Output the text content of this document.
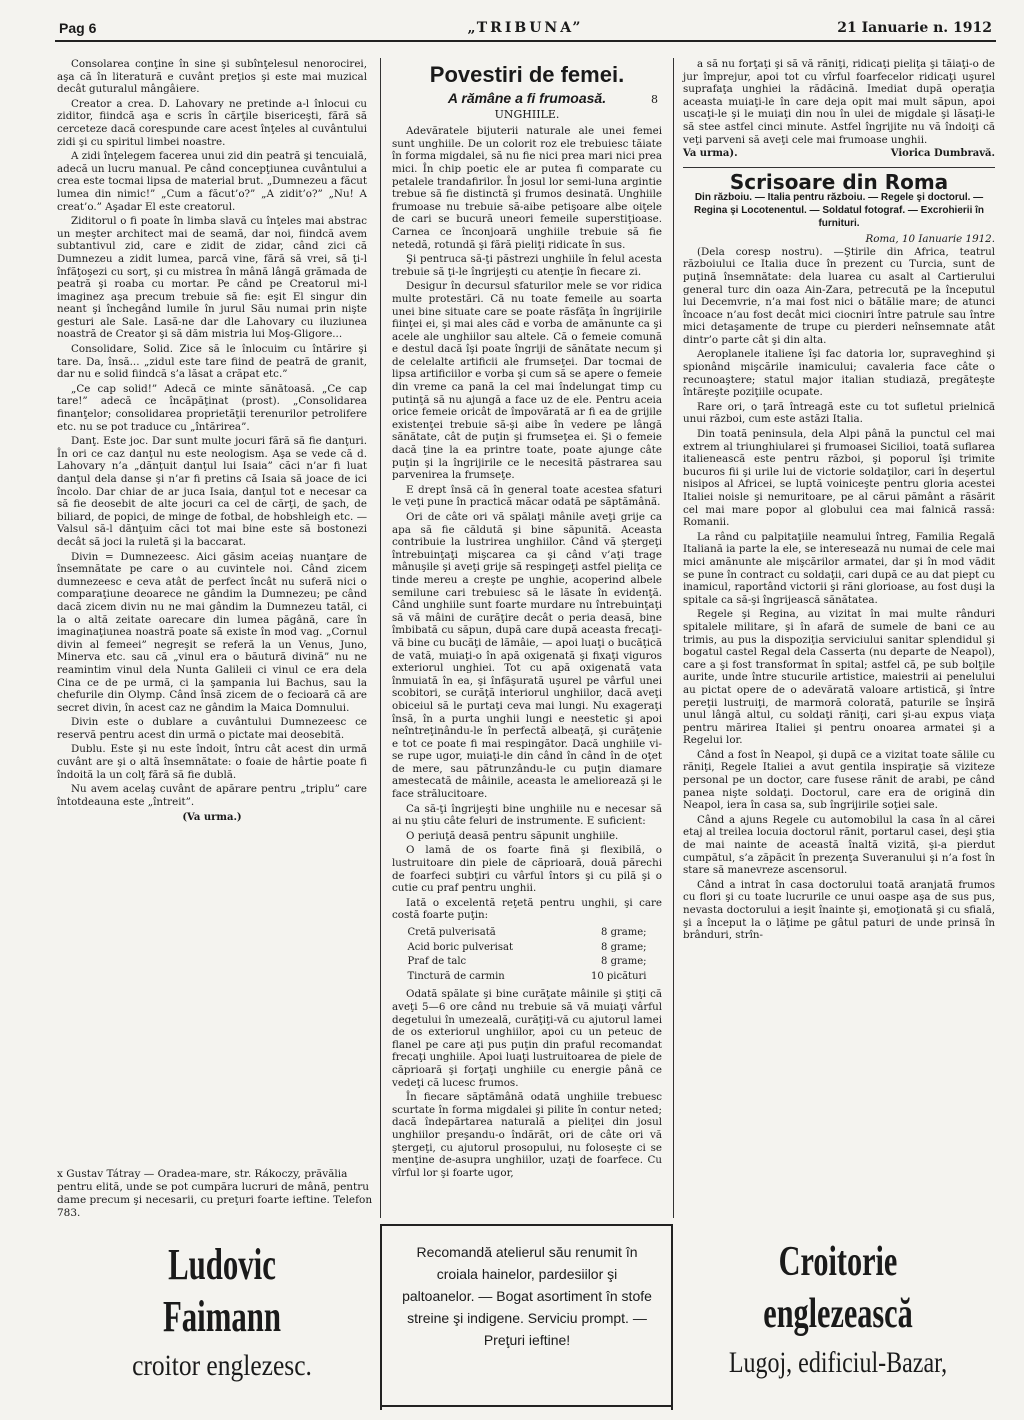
Pag 6	„TRIBUNA”	21 Ianuarie n. 1912

Consolarea conţine în sine şi subînţelesul nenorocirei, aşa că în literatură e cuvânt preţios şi este mai muzical decât guturalul mângâiere.

Creator a crea. D. Lahovary ne pretinde a-l înlocui cu ziditor, fiindcă aşa e scris în cărţile bisericeşti, fără să cerceteze dacă corespunde care acest înţeles al cuvântului zidi şi cu spiritul limbei noastre.

A zidi înţelegem facerea unui zid din peatră şi tencuială, adecă un lucru manual. Pe când concepţiunea cuvântului a crea este tocmai lipsa de material brut. „Dumnezeu a făcut lumea din nimic!” „Cum a făcut’o?” „A zidit’o?” „Nu! A creat’o.” Aşadar El este creatorul.

Ziditorul o fi poate în limba slavă cu înţeles mai abstrac un meşter architect mai de seamă, dar noi, fiindcă avem subtantivul zid, care e zidit de zidar, când zici că Dumnezeu a zidit lumea, parcă vine, fără să vrei, să ţi-l înfăţoşezi cu sorţ, şi cu mistrea în mână lângă grămada de peatră şi roaba cu mortar. Pe când pe Creatorul mi-l imaginez aşa precum trebuie să fie: eşit El singur din neant şi închegând lumile în jurul Său numai prin nişte gesturi ale Sale. Lasă-ne dar dle Lahovary cu iluziunea noastră de Creator şi să dăm mistria lui Moş-Gligore...

Consolidare, Solid. Zice să le înlocuim cu întărire şi tare. Da, însă... „zidul este tare fiind de peatră de granit, dar nu e solid fiindcă s’a lăsat a crăpat etc.”

„Ce cap solid!” Adecă ce minte sănătoasă. „Ce cap tare!” adecă ce încăpăţinat (prost). „Consolidarea finanţelor; consolidarea proprietăţii terenurilor petrolifere etc. nu se pot traduce cu „întărirea”.

Danţ. Este joc. Dar sunt multe jocuri fără să fie danţuri. În ori ce caz danţul nu este neologism. Aşa se vede că d. Lahovary n’a „dănţuit danţul lui Isaia” căci n’ar fi luat danţul dela danse şi n’ar fi pretins că Isaia să joace de ici încolo. Dar chiar de ar juca Isaia, danţul tot e necesar ca să fie deosebit de alte jocuri ca cel de cărţi, de şach, de biliard, de popici, de minge de fotbal, de hobshleigh etc. — Valsul să-l dănţuim căci tot mai bine este să bostonezi decât să joci la ruletă şi la baccarat.

Divin = Dumnezeesc. Aici găsim aceiaş nuanţare de însemnătate pe care o au cuvintele noi. Când zicem dumnezeesc e ceva atât de perfect încât nu suferă nici o comparaţiune deoarece ne gândim la Dumnezeu; pe când dacă zicem divin nu ne mai gândim la Dumnezeu tatăl, ci la o altă zeitate oarecare din lumea păgână, care în imaginaţiunea noastră poate să existe în mod vag. „Cornul divin al femeei” negreşit se referă la un Venus, Juno, Minerva etc. sau că „vinul era o băutură divină” nu ne reamintim vinul dela Nunta Galileii ci vinul ce era dela Cina ce de pe urmă, ci la şampania lui Bachus, sau la chefurile din Olymp. Când însă zicem de o fecioară că are secret divin, în acest caz ne gândim la Maica Domnului.

Divin este o dublare a cuvântului Dumnezeesc ce reservă pentru acest din urmă o pictate mai deosebită.

Dublu. Este şi nu este îndoit, întru cât acest din urmă cuvânt are şi o altă însemnătate: o foaie de hârtie poate fi îndoită la un colţ fără să fie dublă.

Nu avem acelaş cuvânt de apărare pentru „triplu” care întotdeauna este „întreit”.

(Va urma.)
Povestiri de femei.
A rămâne a fi frumoasă.	8
UNGHIILE.

Adevăratele bijuterii naturale ale unei femei sunt unghiile. De un colorit roz ele trebuiesc tăiate în forma migdalei, să nu fie nici prea mari nici prea mici. În chip poetic ele ar putea fi comparate cu petalele trandafirilor. În josul lor semi-luna argintie trebue să fie distinctă şi frumos desinată. Unghiile frumoase nu trebuie să-aibe petişoare albe oiţele de cari se bucură uneori femeile superstiţioase. Carnea ce înconjoară unghiile trebuie să fie netedă, rotundă şi fără pieliţi ridicate în sus.

Şi pentruca să-ţi păstrezi unghiile în felul acesta trebuie să ţi-le îngrijeşti cu atenţie în fiecare zi.

Desigur în decursul sfaturilor mele se vor ridica multe protestări. Că nu toate femeile au soarta unei bine situate care se poate răsfăţa în îngrijirile fiinţei ei, şi mai ales căd e vorba de amănunte ca şi acele ale unghiilor sau altele. Că o femeie comună e destul dacă îşi poate îngriji de sănătate necum şi de celelalte artificii ale frumseţei. Dar tocmai de lipsa artificiilor e vorba şi cum să se apere o femeie din vreme ca pană la cel mai îndelungat timp cu putinţă să nu ajungă a face uz de ele. Pentru aceia orice femeie oricât de împovărată ar fi ea de grijile existenţei trebuie să-şi aibe în vedere pe lângă sănătate, cât de puţin şi frumseţea ei. Şi o femeie dacă ţine la ea printre toate, poate ajunge câte puţin şi la îngrijirile ce le necesită păstrarea sau parvenirea la frumseţe.

E drept însă că în general toate acestea sfaturi le veţi pune în practică măcar odată pe săptămână.

Ori de câte ori vă spălaţi mânile aveţi grije ca apa să fie căldută şi bine săpunită. Aceasta contribuie la lustrirea unghiilor. Când vă ştergeţi întrebuinţaţi mişcarea ca şi când v’aţi trage mânuşile şi aveţi grije să respingeţi astfel pieliţa ce tinde mereu a creşte pe unghie, acoperind albele semilune cari trebuiesc să le lăsate în evidenţă. Când unghiile sunt foarte murdare nu întrebuinţaţi să vă mâini de curăţire decât o peria deasă, bine îmbibată cu săpun, după care după aceasta frecaţi-vă bine cu bucăţi de lămâie, — apoi luaţi o bucăţică de vată, muiaţi-o în apă oxigenată şi fixaţi viguros exteriorul unghiei. Tot cu apă oxigenată vata înmuiată în ea, şi înfăşurată uşurel pe vârful unei scobitori, se curăţă interiorul unghiilor, dacă aveţi obiceiul să le purtaţi ceva mai lungi. Nu exageraţi însă, în a purta unghii lungi e neestetic şi apoi neîntreţinându-le în perfectă albeaţă, şi curăţenie e tot ce poate fi mai respingător. Dacă unghiile vi-se rupe ugor, muiaţi-le din când în când în de oţet de mere, sau pătrunzându-le cu puţin diamare amestecată de mâinile, aceasta le ameliorează şi le face strălucitoare.

Ca să-ţi îngrijeşti bine unghiile nu e necesar să ai nu ştiu câte feluri de instrumente. E suficient:

O periuţă deasă pentru săpunit unghiile.

O lamă de os foarte fină şi flexibilă, o lustruitoare din piele de căprioară, două părechi de foarfeci subţiri cu vârful întors şi cu pilă şi o cutie cu praf pentru unghii.

Iată o excelentă reţetă pentru unghii, şi care costă foarte puţin:

Cretă pulverisată	8 grame;
Acid boric pulverisat	8 grame;
Praf de talc	8 grame;
Tinctură de carmin	10 picături

Odată spălate şi bine curăţate mâinile şi ştiţi că aveţi 5—6 ore când nu trebuie să vă muiaţi vârful degetului în umezeală, curăţiţi-vă cu ajutorul lamei de os exteriorul unghiilor, apoi cu un peteuc de flanel pe care aţi pus puţin din praful recomandat frecaţi unghiile. Apoi luaţi lustruitoarea de piele de căprioară şi forţaţi unghiile cu energie până ce vedeţi că lucesc frumos.

În fiecare săptămână odată unghiile trebuesc scurtate în forma migdalei şi pilite în contur neted; dacă îndepărtarea naturală a pieliţei din josul unghiilor preşandu-o îndărăt, ori de câte ori vă ştergeţi, cu ajutorul prosopului, nu folosește ci se menţine de-asupra unghiilor, uzaţi de foarfece. Cu vîrful lor şi foarte ugor,

a să nu forţaţi şi să vă răniţi, ridicaţi pieliţa şi tăiaţi-o de jur împrejur, apoi tot cu vîrful foarfecelor ridicaţi uşurel suprafaţa unghiei la rădăcină. Imediat după operaţia aceasta muiaţi-le în care deja opit mai mult săpun, apoi uscaţi-le şi le muiaţi din nou în ulei de migdale şi lăsaţi-le să stee astfel cinci minute. Astfel îngrijite nu vă îndoiţi că veţi parveni să aveţi cele mai frumoase unghii.

Va urma).	Viorica Dumbravă.
Scrisoare din Roma
Din războiu. — Italia pentru războiu. — Regele şi doctorul. — Regina şi Locotenentul. — Soldatul fotograf. — Excrohierii în furnituri.
Roma, 10 Ianuarie 1912.

(Dela coresp nostru). —Ştirile din Africa, teatrul războiului ce Italia duce în prezent cu Turcia, sunt de puţină însemnătate: dela luarea cu asalt al Cartierului general turc din oaza Ain-Zara, petrecută pe la începutul lui Decemvrie, n’a mai fost nici o bătălie mare; de atunci încoace n’au fost decât mici ciocniri între patrule sau între mici detaşamente de trupe cu pierderi neînsemnate atât dintr’o parte cât şi din alta.

Aeroplanele italiene îşi fac datoria lor, supraveghind şi spionând mişcările inamicului; cavaleria face câte o recunoaştere; statul major italian studiază, pregăteşte întăreşte poziţiile ocupate.

Rare ori, o ţară întreagă este cu tot sufletul prielnică unui război, cum este astăzi Italia.

Din toată peninsula, dela Alpi până la punctul cel mai extrem al triunghiularei şi frumoasei Sicilioi, toată suflarea italienească este pentru război, şi poporul îşi trimite bucuros fii şi urile lui de victorie soldaţilor, cari în deşertul nisipos al Africei, se luptă voiniceşte pentru gloria acestei Italiei noisle şi nemuritoare, pe al cărui pământ a răsărit cel mai mare popor al globului cea mai falnică rassă: Romanii.

La rând cu palpitaţiile neamului întreg, Familia Regală Italiană ia parte la ele, se interesează nu numai de cele mai mici amănunte ale mişcărilor armatei, dar şi în mod vădit se pune în contract cu soldaţii, cari după ce au dat piept cu inamicul, raportând victorii şi răni glorioase, au fost duşi la spitale ca să-şi îngrijească sănătatea.

Regele şi Regina, au vizitat în mai multe rânduri spitalele militare, şi în afară de sumele de bani ce au trimis, au pus la dispoziţia serviciului sanitar splendidul şi bogatul castel Regal dela Casserta (nu departe de Neapol), care a şi fost transformat în spital; astfel că, pe sub bolţile aurite, unde între stucurile artistice, maiestrii ai penelului au pictat opere de o adevărată valoare artistică, şi între pereţii lustruiţi, de marmoră colorată, paturile se înşiră unul lângă altul, cu soldaţi răniţi, cari şi-au expus viaţa pentru mărirea Italiei şi pentru onoarea armatei şi a Regelui lor.

Când a fost în Neapol, şi după ce a vizitat toate sălile cu răniţi, Regele Italiei a avut gentila inspiraţie să viziteze personal pe un doctor, care fusese rănit de arabi, pe când panea nişte soldaţi. Doctorul, care era de origină din Neapol, iera în casa sa, sub îngrijirile soţiei sale.

Când a ajuns Regele cu automobilul la casa în al cărei etaj al treilea locuia doctorul rănit, portarul casei, deşi ştia de mai nainte de această înaltă vizită, şi-a pierdut cumpătul, s’a zăpăcit în prezenţa Suveranului şi n’a fost în stare să manevreze ascensorul.

Când a intrat în casa doctorului toată aranjată frumos cu flori şi cu toate lucrurile ce unui oaspe aşa de sus pus, nevasta doctorului a ieşit înainte şi, emoţionată şi cu sfială, şi a început la o lăţime pe gâtul paturi de unde prinsă în brânduri, strîn-

x Gustav Tátray — Oradea-mare, str. Rákoczy, prăvălia pentru elită, unde se pot cumpăra lucruri de mână, pentru dame precum şi necesarii, cu preţuri foarte ieftine. Telefon 783.
Ludovic Faimann
croitor englezesc.
Recomandă atelierul său renumit în croiala hainelor, pardesiilor şi paltoanelor. — Bogat asortiment în stofe streine şi indigene. Serviciu prompt. — Preţuri ieftine!
Croitorie englezească
Lugoj, edificiul-Bazar,
